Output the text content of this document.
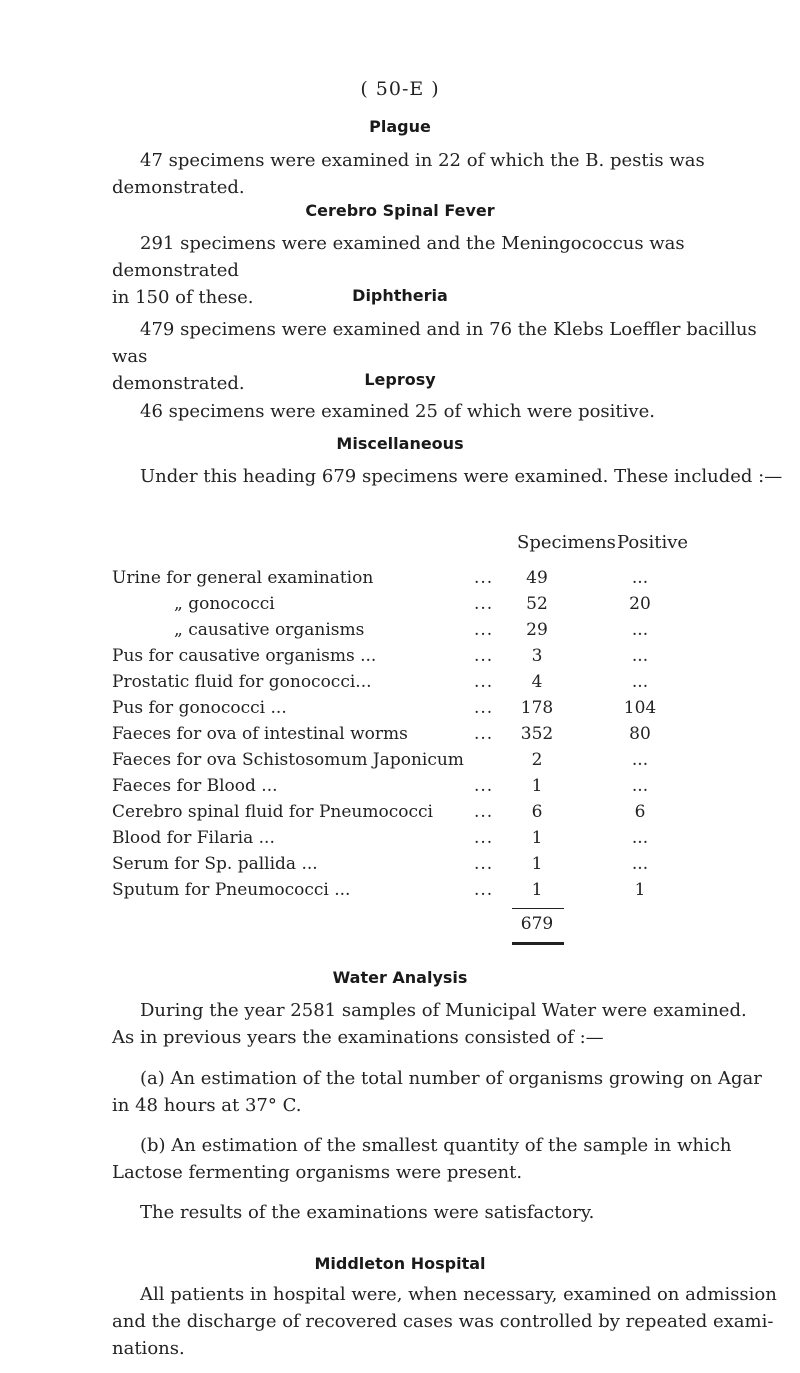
( 50-E )
Plague
47 specimens were examined in 22 of which the B. pestis was
demonstrated.
Cerebro Spinal Fever
291 specimens were examined and the Meningococcus was demonstrated
in 150 of these.	Diphtheria
479 specimens were examined and in 76 the Klebs Loeffler bacillus was
demonstrated.	Leprosy
46 specimens were examined 25 of which were positive.
Miscellaneous
Under this heading 679 specimens were examined. These included :—
Specimens Positive
Urine for general examination	...	49	...
„ gonococci	...	52	20
„ causative organisms	...	29	...
Pus for causative organisms ...	...	3	...
Prostatic fluid for gonococci...	...	4	...
Pus for gonococci ...	...	178	104
Faeces for ova of intestinal worms	...	352	80
Faeces for ova Schistosomum Japonicum	2	...
Faeces for Blood ...	...	1	...
Cerebro spinal fluid for Pneumococci ...	6	6
Blood for Filaria ...	...	1	...
Serum for Sp. pallida ...	...	1	...
Sputum for Pneumococci ...	...	1	1
679
Water Analysis
During the year 2581 samples of Municipal Water were examined.
As in previous years the examinations consisted of :—
(a) An estimation of the total number of organisms growing on Agar
in 48 hours at 37° C.
(b) An estimation of the smallest quantity of the sample in which
Lactose fermenting organisms were present.
The results of the examinations were satisfactory.
Middleton Hospital
All patients in hospital were, when necessary, examined on admission
and the discharge of recovered cases was controlled by repeated exami-
nations.
